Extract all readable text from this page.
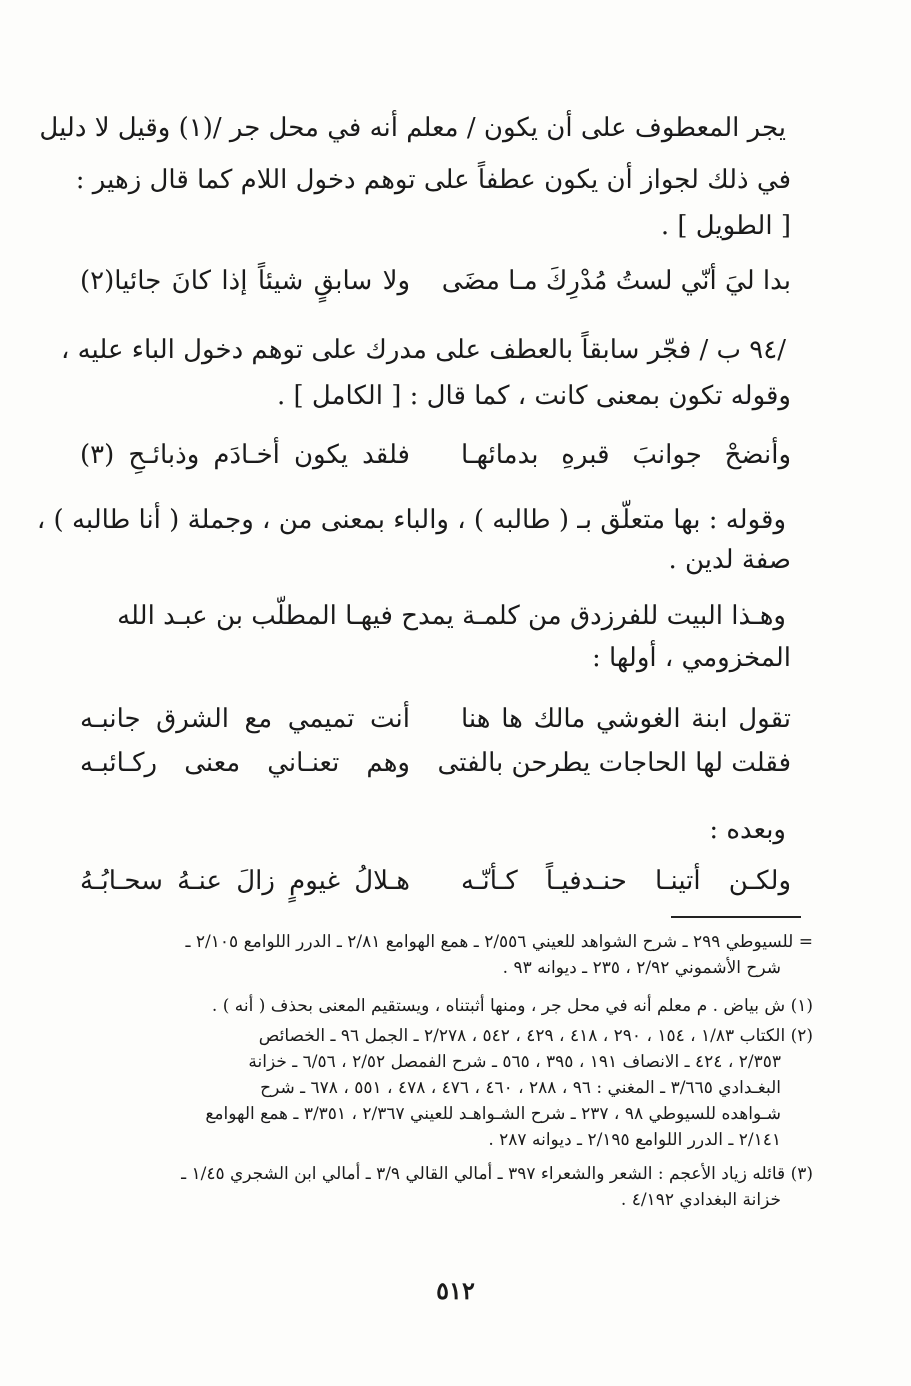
يجر المعطوف على أن يكون / معلم أنه في محل جر /(١) وقيل لا دليل
في ذلك لجواز أن يكون عطفاً على توهم دخول اللام كما قال زهير :
[ الطويل ] .
بدا ليَ أنّي لستُ مُدْرِكَ مـا مضَى
ولا سابقٍ شيئاً إذا كانَ جائيا(٢)
/٩٤ ب / فجّر سابقاً بالعطف على مدرك على توهم دخول الباء عليه ،
وقوله تكون بمعنى كانت ، كما قال : [ الكامل ] .
وأنضحْ جوانبَ قبرهِ بدمائهـا
فلقد يكون أخـادَم وذبائـحِ (٣)
وقوله : بها متعلّق بـ ( طالبه ) ، والباء بمعنى من ، وجملة ( أنا طالبه ) ،
صفة لدين .
وهـذا البيت للفرزدق من كلمـة يمدح فيهـا المطلّب بن عبـد الله
المخزومي ، أولها :
تقول ابنة الغوشي مالك ها هنا
أنت تميمي مع الشرق جانبـه
فقلت لها الحاجات يطرحن بالفتى
وهم تعنـاني معنى ركـائبـه
وبعده :
ولكـن أتينـا حنـدفيـاً كـأنّـه
هـلالُ غيومٍ زالَ عنـهُ سحـابُـهُ
= للسيوطي ٢٩٩ ـ شرح الشواهد للعيني ٢/٥٥٦ ـ همع الهوامع ٢/٨١ ـ الدرر اللوامع ٢/١٠٥ ـ
شرح الأشموني ٢/٩٢ ، ٢٣٥ ـ ديوانه ٩٣ .
(١) ش بياض . م معلم أنه في محل جر ، ومنها أثبتناه ، ويستقيم المعنى بحذف ( أنه ) .
(٢) الكتاب ١/٨٣ ، ١٥٤ ، ٢٩٠ ، ٤١٨ ، ٤٢٩ ، ٥٤٢ ، ٢/٢٧٨ ـ الجمل ٩٦ ـ الخصائص
٢/٣٥٣ ، ٤٢٤ ـ الانصاف ١٩١ ، ٣٩٥ ، ٥٦٥ ـ شرح الفمصل ٢/٥٢ ، ٦/٥٦ ـ خزانة
البغـدادي ٣/٦٦٥ ـ المغني : ٩٦ ، ٢٨٨ ، ٤٦٠ ، ٤٧٦ ، ٤٧٨ ، ٥٥١ ، ٦٧٨ ـ شرح
شـواهده للسيوطي ٩٨ ، ٢٣٧ ـ شرح الشـواهـد للعيني ٢/٣٦٧ ، ٣/٣٥١ ـ همع الهوامع
٢/١٤١ ـ الدرر اللوامع ٢/١٩٥ ـ ديوانه ٢٨٧ .
(٣) قائله زياد الأعجم : الشعر والشعراء ٣٩٧ ـ أمالي القالي ٣/٩ ـ أمالي ابن الشجري ١/٤٥ ـ
خزانة البغدادي ٤/١٩٢ .
٥١٢
